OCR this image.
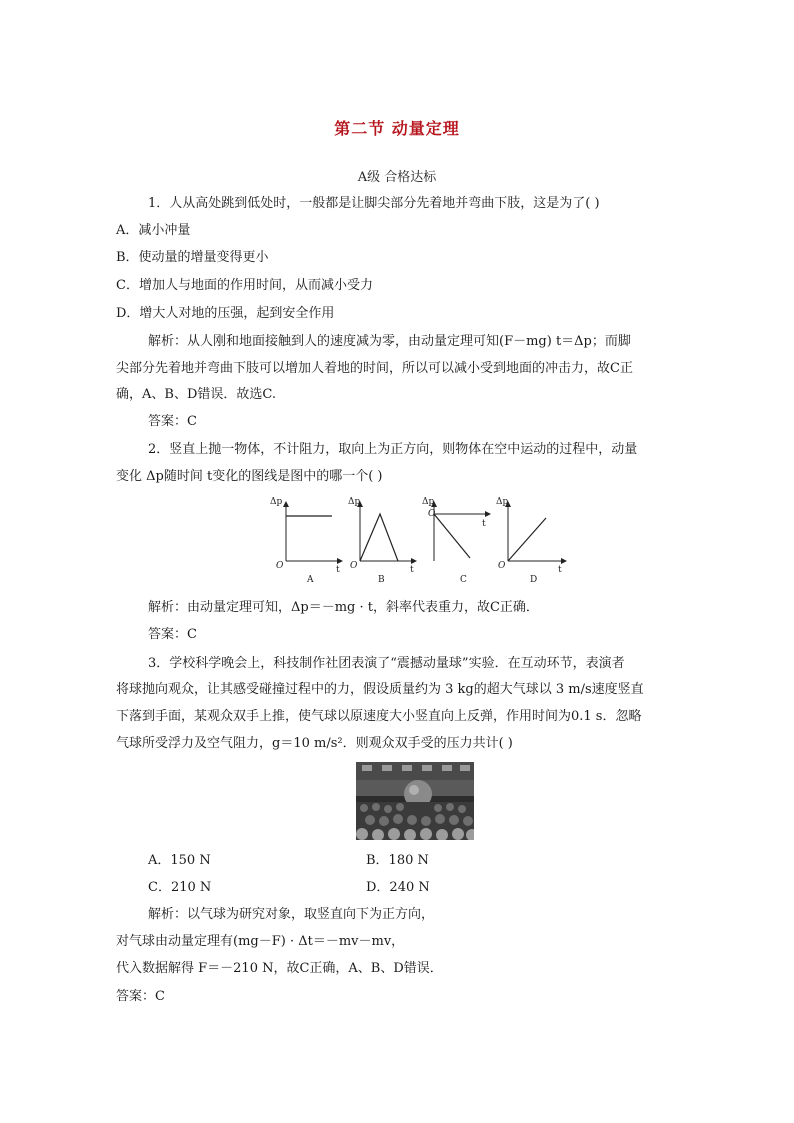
第二节 动量定理
A级 合格达标
1．人从高处跳到低处时，一般都是让脚尖部分先着地并弯曲下肢，这是为了( )
A．减小冲量
B．使动量的增量变得更小
C．增加人与地面的作用时间，从而减小受力
D．增大人对地的压强，起到安全作用
解析：从人刚和地面接触到人的速度减为零，由动量定理可知(F－mg) t＝Δp；而脚
尖部分先着地并弯曲下肢可以增加人着地的时间，所以可以减小受到地面的冲击力，故C正
确，A、B、D错误．故选C.
答案：C
2．竖直上抛一物体，不计阻力，取向上为正方向，则物体在空中运动的过程中，动量
变化 Δp随时间 t变化的图线是图中的哪一个( )
Δp
O	t
A
Δp
O	t
B
Δp
O
t
C
Δp
O	t
D
解析：由动量定理可知，Δp＝－mg · t，斜率代表重力，故C正确．
答案：C
3．学校科学晚会上，科技制作社团表演了“震撼动量球”实验．在互动环节，表演者
将球抛向观众，让其感受碰撞过程中的力，假设质量约为 3 kg的超大气球以 3 m/s速度竖直
下落到手面，某观众双手上推，使气球以原速度大小竖直向上反弹，作用时间为0.1 s．忽略
气球所受浮力及空气阻力，g＝10 m/s²．则观众双手受的压力共计( )
A．150 N	B．180 N
C．210 N	D．240 N
解析：以气球为研究对象，取竖直向下为正方向，
对气球由动量定理有(mg－F) · Δt＝－mv－mv，
代入数据解得 F＝－210 N，故C正确，A、B、D错误．
答案：C
